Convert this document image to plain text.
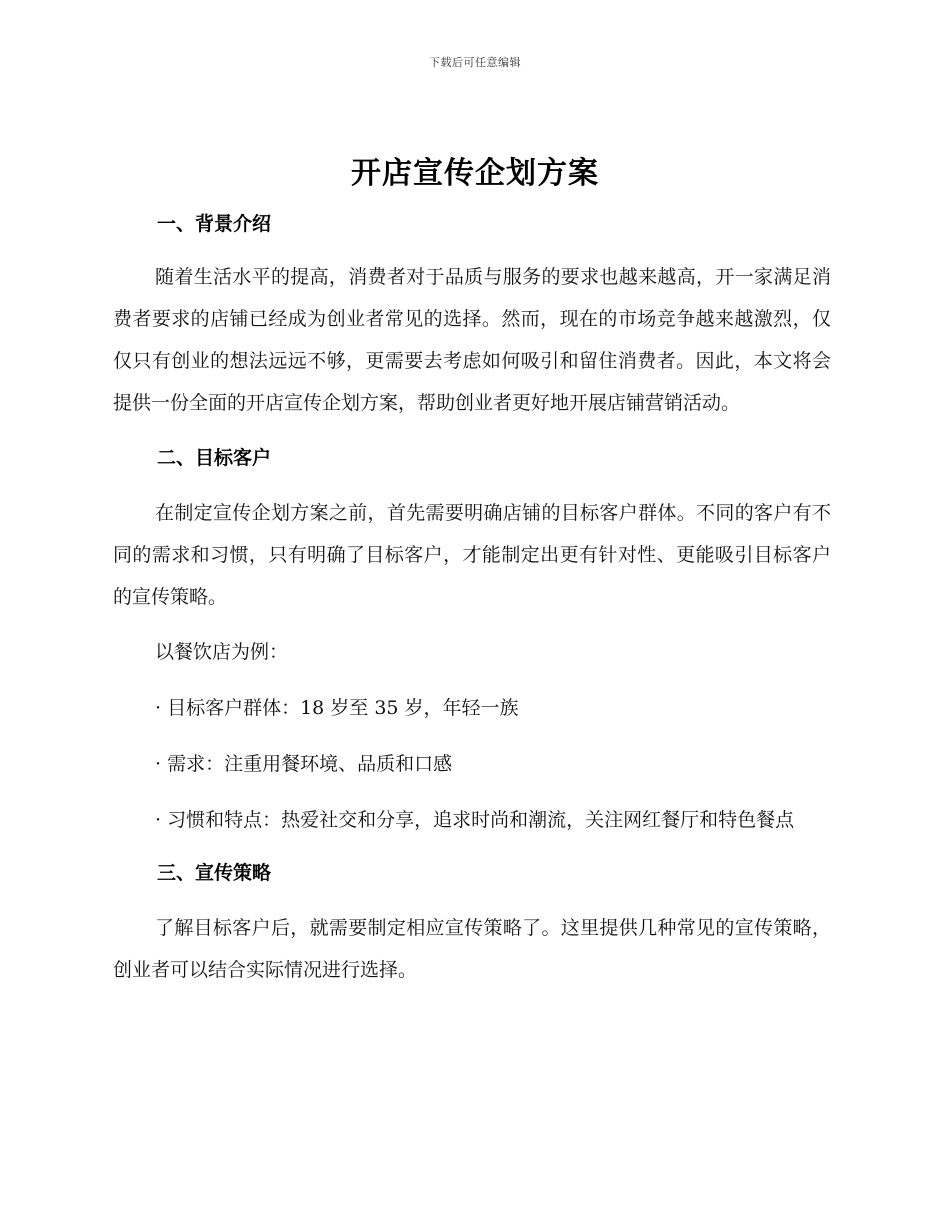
下载后可任意编辑
开店宣传企划方案

一、背景介绍

随着生活水平的提高，消费者对于品质与服务的要求也越来越高，开一家满足消费者要求的店铺已经成为创业者常见的选择。然而，现在的市场竞争越来越激烈，仅仅只有创业的想法远远不够，更需要去考虑如何吸引和留住消费者。因此，本文将会提供一份全面的开店宣传企划方案，帮助创业者更好地开展店铺营销活动。

二、目标客户

在制定宣传企划方案之前，首先需要明确店铺的目标客户群体。不同的客户有不同的需求和习惯，只有明确了目标客户，才能制定出更有针对性、更能吸引目标客户的宣传策略。

以餐饮店为例：

· 目标客户群体：18 岁至 35 岁，年轻一族

· 需求：注重用餐环境、品质和口感

· 习惯和特点：热爱社交和分享，追求时尚和潮流，关注网红餐厅和特色餐点

三、宣传策略

了解目标客户后，就需要制定相应宣传策略了。这里提供几种常见的宣传策略，创业者可以结合实际情况进行选择。
